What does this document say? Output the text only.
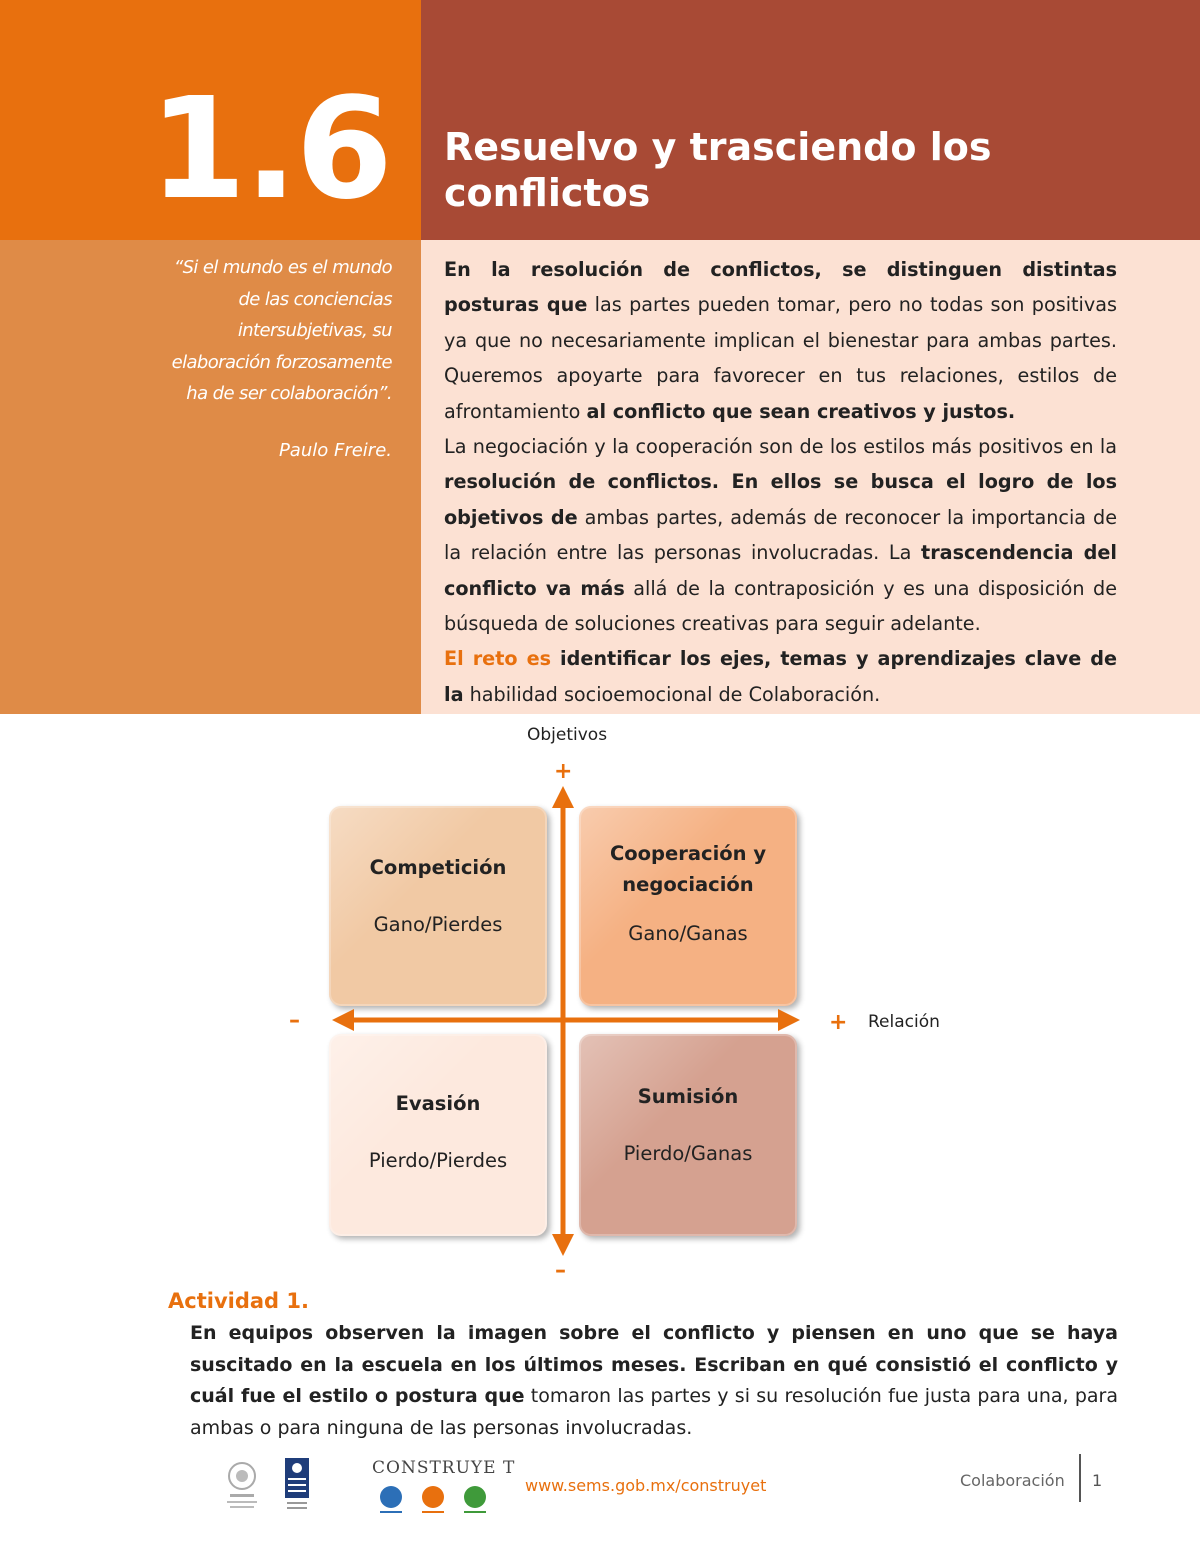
1.6	Resuelvo y trasciendo los
conflictos
“Si el mundo es el mundo
de las conciencias
intersubjetivas, su
elaboración forzosamente
ha de ser colaboración”.
Paulo Freire.

En la resolución de conflictos, se distinguen distintas posturas que las partes pueden tomar, pero no todas son positivas ya que no necesariamente implican el bienestar para ambas partes. Queremos apoyarte para favorecer en tus relaciones, estilos de afrontamiento al conflicto que sean creativos y justos.

La negociación y la cooperación son de los estilos más positivos en la resolución de conflictos. En ellos se busca el logro de los objetivos de ambas partes, además de reconocer la importancia de la relación entre las personas involucradas. La trascendencia del conflicto va más allá de la contraposición y es una disposición de búsqueda de soluciones creativas para seguir adelante.

El reto es identificar los ejes, temas y aprendizajes clave de la habilidad socioemocional de Colaboración.

Objetivos
+
–
–	+ Relación
Competición
Gano/Pierdes
Cooperación y negociación
Gano/Ganas
Evasión
Pierdo/Pierdes
Sumisión
Pierdo/Ganas
Actividad 1.
En equipos observen la imagen sobre el conflicto y piensen en uno que se haya suscitado en la escuela en los últimos meses. Escriban en qué consistió el conflicto y cuál fue el estilo o postura que tomaron las partes y si su resolución fue justa para una, para ambas o para ninguna de las personas involucradas.
CONSTRUYE T
www.sems.gob.mx/construyet	Colaboración 1
